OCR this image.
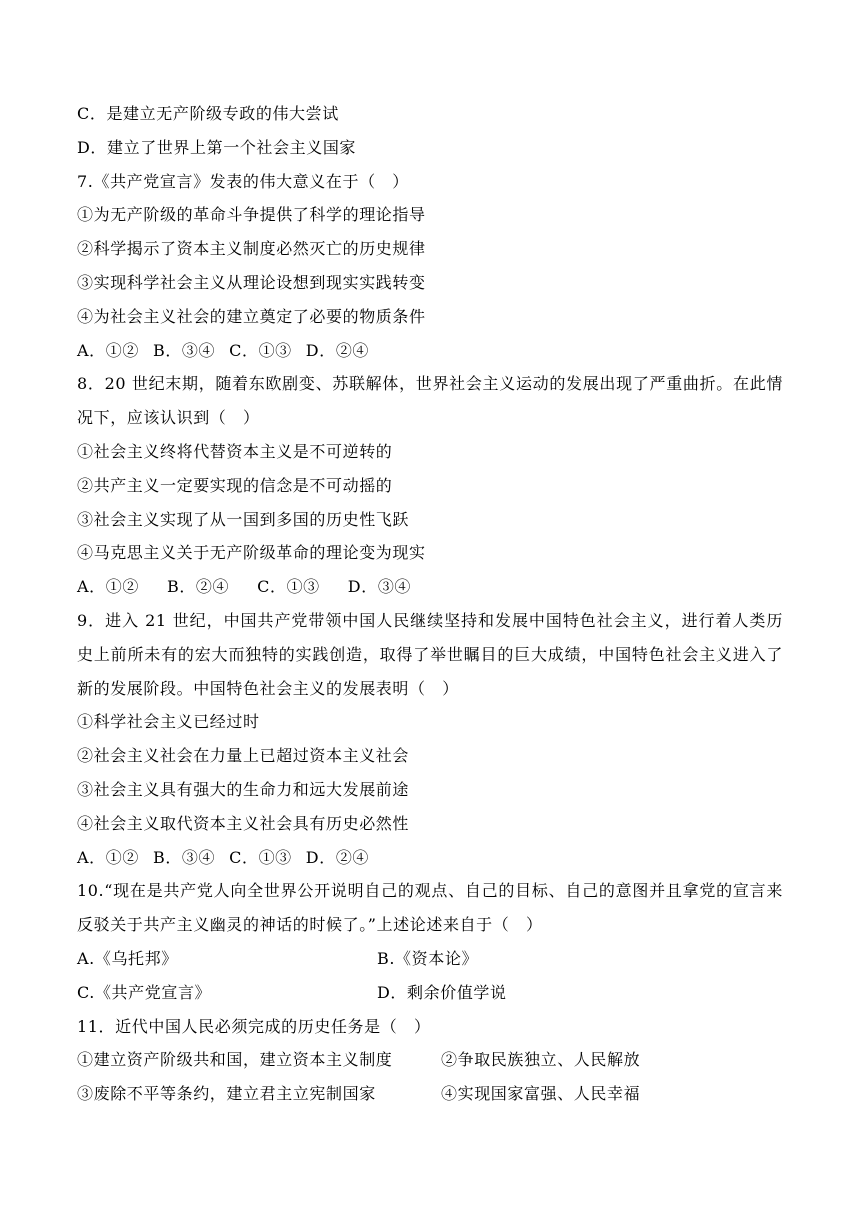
C．是建立无产阶级专政的伟大尝试
D．建立了世界上第一个社会主义国家
7.《共产党宣言》发表的伟大意义在于（　）
①为无产阶级的革命斗争提供了科学的理论指导
②科学揭示了资本主义制度必然灭亡的历史规律
③实现科学社会主义从理论设想到现实实践转变
④为社会主义社会的建立奠定了必要的物质条件
A．①② B．③④ C．①③ D．②④
8．20 世纪末期，随着东欧剧变、苏联解体，世界社会主义运动的发展出现了严重曲折。在此情况下，应该认识到（　）
①社会主义终将代替资本主义是不可逆转的
②共产主义一定要实现的信念是不可动摇的
③社会主义实现了从一国到多国的历史性飞跃
④马克思主义关于无产阶级革命的理论变为现实
A．①② B．②④ C．①③ D．③④
9．进入 21 世纪，中国共产党带领中国人民继续坚持和发展中国特色社会主义，进行着人类历史上前所未有的宏大而独特的实践创造，取得了举世瞩目的巨大成绩，中国特色社会主义进入了新的发展阶段。中国特色社会主义的发展表明（　）
①科学社会主义已经过时
②社会主义社会在力量上已超过资本主义社会
③社会主义具有强大的生命力和远大发展前途
④社会主义取代资本主义社会具有历史必然性
A．①② B．③④ C．①③ D．②④
10.“现在是共产党人向全世界公开说明自己的观点、自己的目标、自己的意图并且拿党的宣言来反驳关于共产主义幽灵的神话的时候了。”上述论述来自于（　）
A.《乌托邦》	B.《资本论》
C.《共产党宣言》	D．剩余价值学说
11．近代中国人民必须完成的历史任务是（　）
①建立资产阶级共和国，建立资本主义制度	②争取民族独立、人民解放
③废除不平等条约，建立君主立宪制国家	④实现国家富强、人民幸福
